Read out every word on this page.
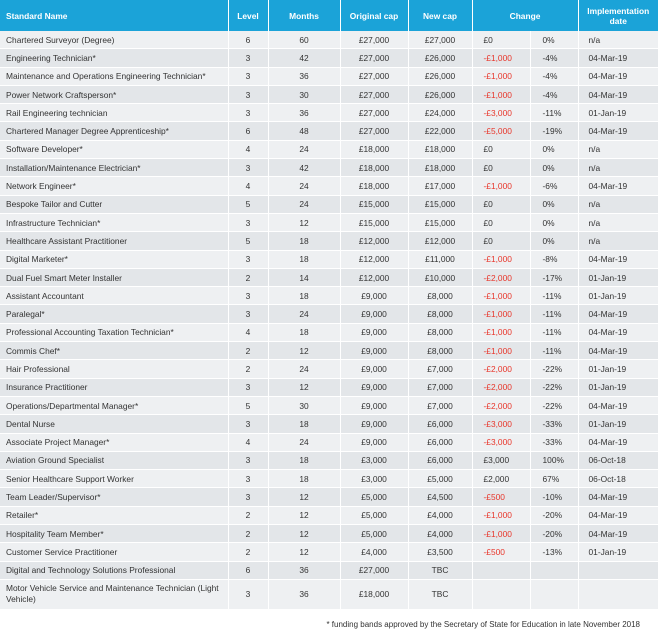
Standard Name	Level	Months	Original cap	New cap	Change		Implementation date
Chartered Surveyor (Degree)	6	60	£27,000	£27,000	£0	0%	n/a
Engineering Technician*	3	42	£27,000	£26,000	-£1,000	-4%	04-Mar-19
Maintenance and Operations Engineering Technician*	3	36	£27,000	£26,000	-£1,000	-4%	04-Mar-19
Power Network Craftsperson*	3	30	£27,000	£26,000	-£1,000	-4%	04-Mar-19
Rail Engineering technician	3	36	£27,000	£24,000	-£3,000	-11%	01-Jan-19
Chartered Manager Degree Apprenticeship*	6	48	£27,000	£22,000	-£5,000	-19%	04-Mar-19
Software Developer*	4	24	£18,000	£18,000	£0	0%	n/a
Installation/Maintenance Electrician*	3	42	£18,000	£18,000	£0	0%	n/a
Network Engineer*	4	24	£18,000	£17,000	-£1,000	-6%	04-Mar-19
Bespoke Tailor and Cutter	5	24	£15,000	£15,000	£0	0%	n/a
Infrastructure Technician*	3	12	£15,000	£15,000	£0	0%	n/a
Healthcare Assistant Practitioner	5	18	£12,000	£12,000	£0	0%	n/a
Digital Marketer*	3	18	£12,000	£11,000	-£1,000	-8%	04-Mar-19
Dual Fuel Smart Meter Installer	2	14	£12,000	£10,000	-£2,000	-17%	01-Jan-19
Assistant Accountant	3	18	£9,000	£8,000	-£1,000	-11%	01-Jan-19
Paralegal*	3	24	£9,000	£8,000	-£1,000	-11%	04-Mar-19
Professional Accounting Taxation Technician*	4	18	£9,000	£8,000	-£1,000	-11%	04-Mar-19
Commis Chef*	2	12	£9,000	£8,000	-£1,000	-11%	04-Mar-19
Hair Professional	2	24	£9,000	£7,000	-£2,000	-22%	01-Jan-19
Insurance Practitioner	3	12	£9,000	£7,000	-£2,000	-22%	01-Jan-19
Operations/Departmental Manager*	5	30	£9,000	£7,000	-£2,000	-22%	04-Mar-19
Dental Nurse	3	18	£9,000	£6,000	-£3,000	-33%	01-Jan-19
Associate Project Manager*	4	24	£9,000	£6,000	-£3,000	-33%	04-Mar-19
Aviation Ground Specialist	3	18	£3,000	£6,000	£3,000	100%	06-Oct-18
Senior Healthcare Support Worker	3	18	£3,000	£5,000	£2,000	67%	06-Oct-18
Team Leader/Supervisor*	3	12	£5,000	£4,500	-£500	-10%	04-Mar-19
Retailer*	2	12	£5,000	£4,000	-£1,000	-20%	04-Mar-19
Hospitality Team Member*	2	12	£5,000	£4,000	-£1,000	-20%	04-Mar-19
Customer Service Practitioner	2	12	£4,000	£3,500	-£500	-13%	01-Jan-19
Digital and Technology Solutions Professional	6	36	£27,000	TBC			
Motor Vehicle Service and Maintenance Technician (Light Vehicle)	3	36	£18,000	TBC			
* funding bands approved by the Secretary of State for Education in late November 2018
